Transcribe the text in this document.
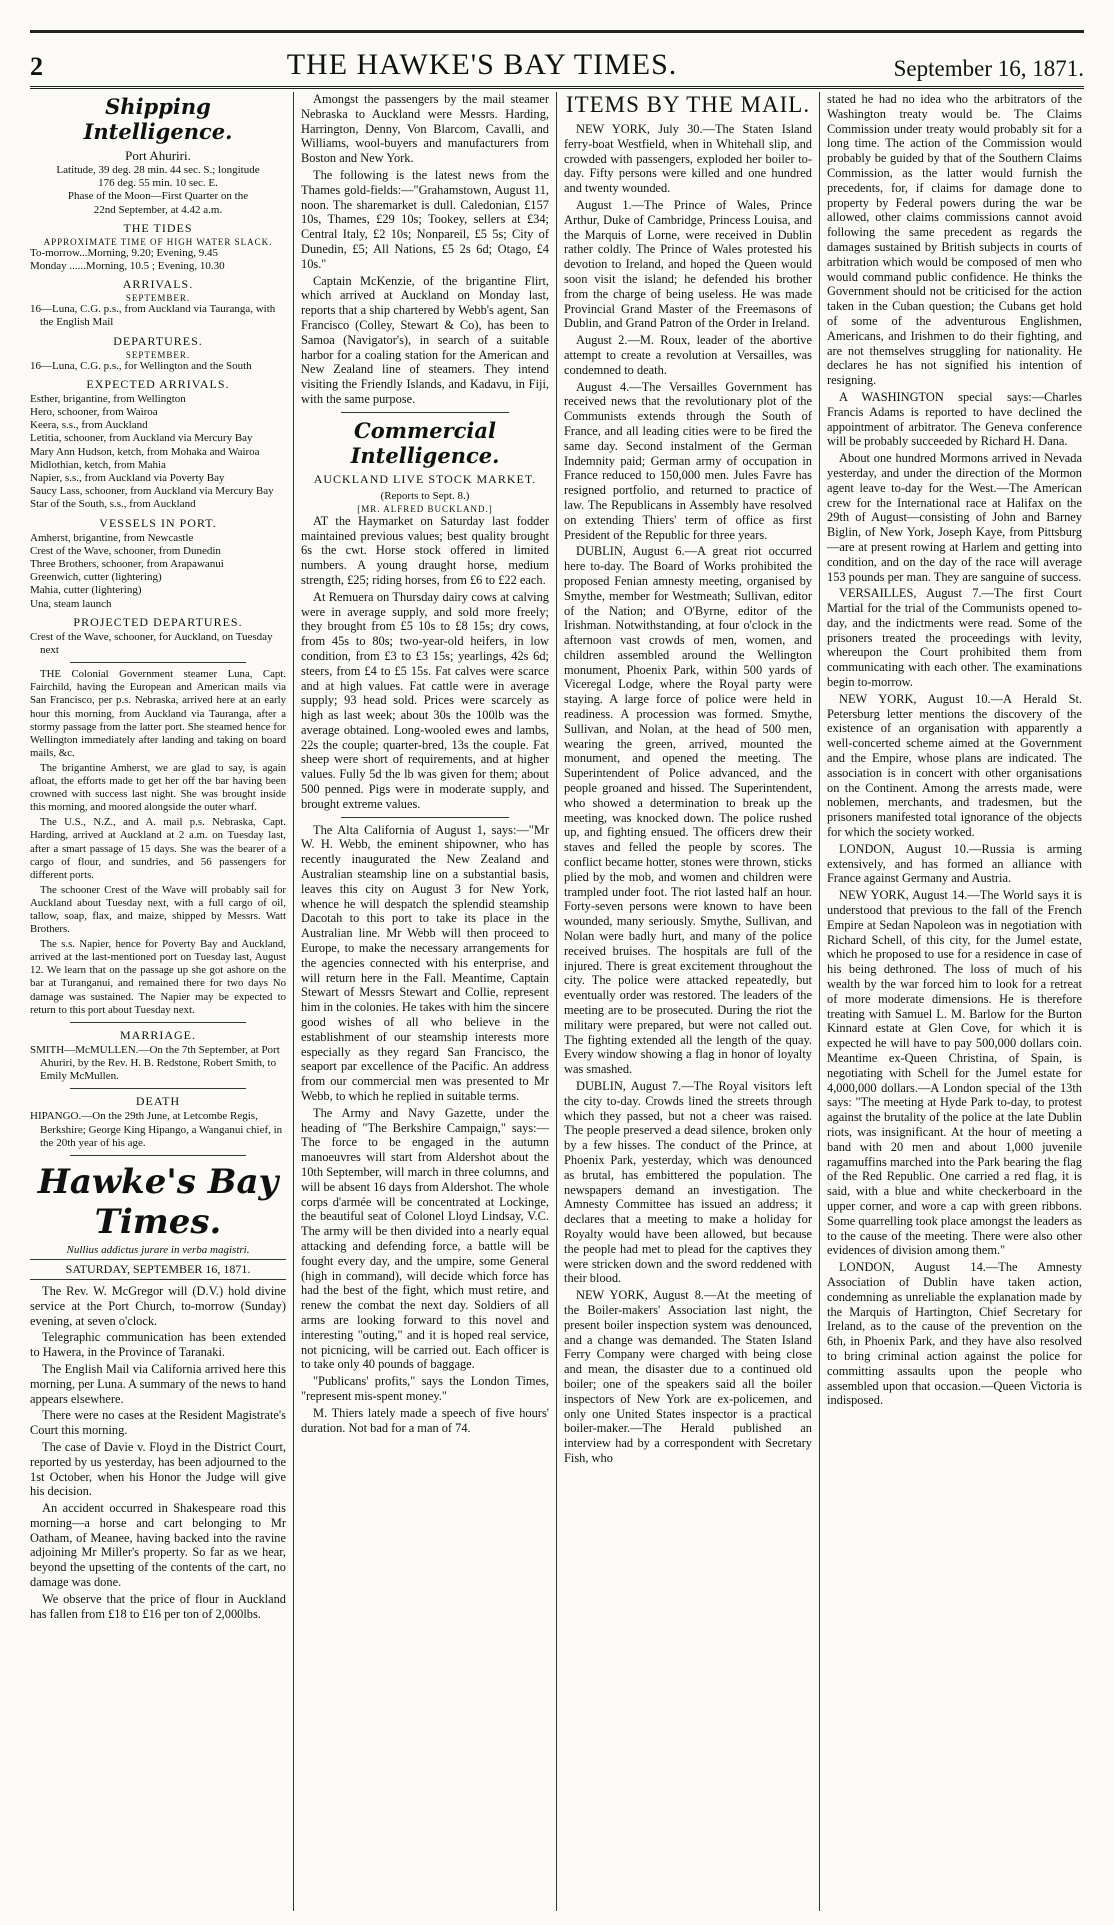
2	THE HAWKE'S BAY TIMES.	September 16, 1871.
Shipping Intelligence.

Port Ahuriri.

Latitude, 39 deg. 28 min. 44 sec. S.; longitude

176 deg. 55 min. 10 sec. E.

Phase of the Moon—First Quarter on the

22nd September, at 4.42 a.m.

THE TIDES

APPROXIMATE TIME OF HIGH WATER SLACK.

To-morrow...Morning, 9.20; Evening, 9.45

Monday ......Morning, 10.5 ; Evening, 10.30

ARRIVALS.

SEPTEMBER.

16—Luna, C.G. p.s., from Auckland via Tauranga, with the English Mail

DEPARTURES.

SEPTEMBER.

16—Luna, C.G. p.s., for Wellington and the South

EXPECTED ARRIVALS.

Esther, brigantine, from Wellington

Hero, schooner, from Wairoa

Keera, s.s., from Auckland

Letitia, schooner, from Auckland via Mercury Bay

Mary Ann Hudson, ketch, from Mohaka and Wairoa

Midlothian, ketch, from Mahia

Napier, s.s., from Auckland via Poverty Bay

Saucy Lass, schooner, from Auckland via Mercury Bay

Star of the South, s.s., from Auckland

VESSELS IN PORT.

Amherst, brigantine, from Newcastle

Crest of the Wave, schooner, from Dunedin

Three Brothers, schooner, from Arapawanui

Greenwich, cutter (lightering)

Mahia, cutter (lightering)

Una, steam launch

PROJECTED DEPARTURES.

Crest of the Wave, schooner, for Auckland, on Tuesday next

THE Colonial Government steamer Luna, Capt. Fairchild, having the European and American mails via San Francisco, per p.s. Nebraska, arrived here at an early hour this morning, from Auckland via Tauranga, after a stormy passage from the latter port. She steamed hence for Wellington immediately after landing and taking on board mails, &c.

The brigantine Amherst, we are glad to say, is again afloat, the efforts made to get her off the bar having been crowned with success last night. She was brought inside this morning, and moored alongside the outer wharf.

The U.S., N.Z., and A. mail p.s. Nebraska, Capt. Harding, arrived at Auckland at 2 a.m. on Tuesday last, after a smart passage of 15 days. She was the bearer of a cargo of flour, and sundries, and 56 passengers for different ports.

The schooner Crest of the Wave will probably sail for Auckland about Tuesday next, with a full cargo of oil, tallow, soap, flax, and maize, shipped by Messrs. Watt Brothers.

The s.s. Napier, hence for Poverty Bay and Auckland, arrived at the last-mentioned port on Tuesday last, August 12. We learn that on the passage up she got ashore on the bar at Turanganui, and remained there for two days No damage was sustained. The Napier may be expected to return to this port about Tuesday next.

MARRIAGE.

SMITH—McMULLEN.—On the 7th September, at Port Ahuriri, by the Rev. H. B. Redstone, Robert Smith, to Emily McMullen.

DEATH

HIPANGO.—On the 29th June, at Letcombe Regis, Berkshire; George King Hipango, a Wanganui chief, in the 20th year of his age.

Hawke's Bay Times.

Nullius addictus jurare in verba magistri.

SATURDAY, SEPTEMBER 16, 1871.

The Rev. W. McGregor will (D.V.) hold divine service at the Port Church, to-morrow (Sunday) evening, at seven o'clock.

Telegraphic communication has been extended to Hawera, in the Province of Taranaki.

The English Mail via California arrived here this morning, per Luna. A summary of the news to hand appears elsewhere.

There were no cases at the Resident Magistrate's Court this morning.

The case of Davie v. Floyd in the District Court, reported by us yesterday, has been adjourned to the 1st October, when his Honor the Judge will give his decision.

An accident occurred in Shakespeare road this morning—a horse and cart belonging to Mr Oatham, of Meanee, having backed into the ravine adjoining Mr Miller's property. So far as we hear, beyond the upsetting of the contents of the cart, no damage was done.

We observe that the price of flour in Auckland has fallen from £18 to £16 per ton of 2,000lbs.

Amongst the passengers by the mail steamer Nebraska to Auckland were Messrs. Harding, Harrington, Denny, Von Blarcom, Cavalli, and Williams, wool-buyers and manufacturers from Boston and New York.

The following is the latest news from the Thames gold-fields:—"Grahamstown, August 11, noon. The sharemarket is dull. Caledonian, £157 10s, Thames, £29 10s; Tookey, sellers at £34; Central Italy, £2 10s; Nonpareil, £5 5s; City of Dunedin, £5; All Nations, £5 2s 6d; Otago, £4 10s."

Captain McKenzie, of the brigantine Flirt, which arrived at Auckland on Monday last, reports that a ship chartered by Webb's agent, San Francisco (Colley, Stewart & Co), has been to Samoa (Navigator's), in search of a suitable harbor for a coaling station for the American and New Zealand line of steamers. They intend visiting the Friendly Islands, and Kadavu, in Fiji, with the same purpose.

Commercial Intelligence.

AUCKLAND LIVE STOCK MARKET.

(Reports to Sept. 8.)

[MR. ALFRED BUCKLAND.]

AT the Haymarket on Saturday last fodder maintained previous values; best quality brought 6s the cwt. Horse stock offered in limited numbers. A young draught horse, medium strength, £25; riding horses, from £6 to £22 each.

At Remuera on Thursday dairy cows at calving were in average supply, and sold more freely; they brought from £5 10s to £8 15s; dry cows, from 45s to 80s; two-year-old heifers, in low condition, from £3 to £3 15s; yearlings, 42s 6d; steers, from £4 to £5 15s. Fat calves were scarce and at high values. Fat cattle were in average supply; 93 head sold. Prices were scarcely as high as last week; about 30s the 100lb was the average obtained. Long-wooled ewes and lambs, 22s the couple; quarter-bred, 13s the couple. Fat sheep were short of requirements, and at higher values. Fully 5d the lb was given for them; about 500 penned. Pigs were in moderate supply, and brought extreme values.

The Alta California of August 1, says:—"Mr W. H. Webb, the eminent shipowner, who has recently inaugurated the New Zealand and Australian steamship line on a substantial basis, leaves this city on August 3 for New York, whence he will despatch the splendid steamship Dacotah to this port to take its place in the Australian line. Mr Webb will then proceed to Europe, to make the necessary arrangements for the agencies connected with his enterprise, and will return here in the Fall. Meantime, Captain Stewart of Messrs Stewart and Collie, represent him in the colonies. He takes with him the sincere good wishes of all who believe in the establishment of our steamship interests more especially as they regard San Francisco, the seaport par excellence of the Pacific. An address from our commercial men was presented to Mr Webb, to which he replied in suitable terms.

The Army and Navy Gazette, under the heading of "The Berkshire Campaign," says:—The force to be engaged in the autumn manoeuvres will start from Aldershot about the 10th September, will march in three columns, and will be absent 16 days from Aldershot. The whole corps d'armée will be concentrated at Lockinge, the beautiful seat of Colonel Lloyd Lindsay, V.C. The army will be then divided into a nearly equal attacking and defending force, a battle will be fought every day, and the umpire, some General (high in command), will decide which force has had the best of the fight, which must retire, and renew the combat the next day. Soldiers of all arms are looking forward to this novel and interesting "outing," and it is hoped real service, not picnicing, will be carried out. Each officer is to take only 40 pounds of baggage.

"Publicans' profits," says the London Times, "represent mis-spent money."

M. Thiers lately made a speech of five hours' duration. Not bad for a man of 74.

ITEMS BY THE MAIL.

NEW YORK, July 30.—The Staten Island ferry-boat Westfield, when in Whitehall slip, and crowded with passengers, exploded her boiler to-day. Fifty persons were killed and one hundred and twenty wounded.

August 1.—The Prince of Wales, Prince Arthur, Duke of Cambridge, Princess Louisa, and the Marquis of Lorne, were received in Dublin rather coldly. The Prince of Wales protested his devotion to Ireland, and hoped the Queen would soon visit the island; he defended his brother from the charge of being useless. He was made Provincial Grand Master of the Freemasons of Dublin, and Grand Patron of the Order in Ireland.

August 2.—M. Roux, leader of the abortive attempt to create a revolution at Versailles, was condemned to death.

August 4.—The Versailles Government has received news that the revolutionary plot of the Communists extends through the South of France, and all leading cities were to be fired the same day. Second instalment of the German Indemnity paid; German army of occupation in France reduced to 150,000 men. Jules Favre has resigned portfolio, and returned to practice of law. The Republicans in Assembly have resolved on extending Thiers' term of office as first President of the Republic for three years.

DUBLIN, August 6.—A great riot occurred here to-day. The Board of Works prohibited the proposed Fenian amnesty meeting, organised by Smythe, member for Westmeath; Sullivan, editor of the Nation; and O'Byrne, editor of the Irishman. Notwithstanding, at four o'clock in the afternoon vast crowds of men, women, and children assembled around the Wellington monument, Phoenix Park, within 500 yards of Viceregal Lodge, where the Royal party were staying. A large force of police were held in readiness. A procession was formed. Smythe, Sullivan, and Nolan, at the head of 500 men, wearing the green, arrived, mounted the monument, and opened the meeting. The Superintendent of Police advanced, and the people groaned and hissed. The Superintendent, who showed a determination to break up the meeting, was knocked down. The police rushed up, and fighting ensued. The officers drew their staves and felled the people by scores. The conflict became hotter, stones were thrown, sticks plied by the mob, and women and children were trampled under foot. The riot lasted half an hour. Forty-seven persons were known to have been wounded, many seriously. Smythe, Sullivan, and Nolan were badly hurt, and many of the police received bruises. The hospitals are full of the injured. There is great excitement throughout the city. The police were attacked repeatedly, but eventually order was restored. The leaders of the meeting are to be prosecuted. During the riot the military were prepared, but were not called out. The fighting extended all the length of the quay. Every window showing a flag in honor of loyalty was smashed.

DUBLIN, August 7.—The Royal visitors left the city to-day. Crowds lined the streets through which they passed, but not a cheer was raised. The people preserved a dead silence, broken only by a few hisses. The conduct of the Prince, at Phoenix Park, yesterday, which was denounced as brutal, has embittered the population. The newspapers demand an investigation. The Amnesty Committee has issued an address; it declares that a meeting to make a holiday for Royalty would have been allowed, but because the people had met to plead for the captives they were stricken down and the sword reddened with their blood.

NEW YORK, August 8.—At the meeting of the Boiler-makers' Association last night, the present boiler inspection system was denounced, and a change was demanded. The Staten Island Ferry Company were charged with being close and mean, the disaster due to a continued old boiler; one of the speakers said all the boiler inspectors of New York are ex-policemen, and only one United States inspector is a practical boiler-maker.—The Herald published an interview had by a correspondent with Secretary Fish, who

stated he had no idea who the arbitrators of the Washington treaty would be. The Claims Commission under treaty would probably sit for a long time. The action of the Commission would probably be guided by that of the Southern Claims Commission, as the latter would furnish the precedents, for, if claims for damage done to property by Federal powers during the war be allowed, other claims commissions cannot avoid following the same precedent as regards the damages sustained by British subjects in courts of arbitration which would be composed of men who would command public confidence. He thinks the Government should not be criticised for the action taken in the Cuban question; the Cubans get hold of some of the adventurous Englishmen, Americans, and Irishmen to do their fighting, and are not themselves struggling for nationality. He declares he has not signified his intention of resigning.

A WASHINGTON special says:—Charles Francis Adams is reported to have declined the appointment of arbitrator. The Geneva conference will be probably succeeded by Richard H. Dana.

About one hundred Mormons arrived in Nevada yesterday, and under the direction of the Mormon agent leave to-day for the West.—The American crew for the International race at Halifax on the 29th of August—consisting of John and Barney Biglin, of New York, Joseph Kaye, from Pittsburg—are at present rowing at Harlem and getting into condition, and on the day of the race will average 153 pounds per man. They are sanguine of success.

VERSAILLES, August 7.—The first Court Martial for the trial of the Communists opened to-day, and the indictments were read. Some of the prisoners treated the proceedings with levity, whereupon the Court prohibited them from communicating with each other. The examinations begin to-morrow.

NEW YORK, August 10.—A Herald St. Petersburg letter mentions the discovery of the existence of an organisation with apparently a well-concerted scheme aimed at the Government and the Empire, whose plans are indicated. The association is in concert with other organisations on the Continent. Among the arrests made, were noblemen, merchants, and tradesmen, but the prisoners manifested total ignorance of the objects for which the society worked.

LONDON, August 10.—Russia is arming extensively, and has formed an alliance with France against Germany and Austria.

NEW YORK, August 14.—The World says it is understood that previous to the fall of the French Empire at Sedan Napoleon was in negotiation with Richard Schell, of this city, for the Jumel estate, which he proposed to use for a residence in case of his being dethroned. The loss of much of his wealth by the war forced him to look for a retreat of more moderate dimensions. He is therefore treating with Samuel L. M. Barlow for the Burton Kinnard estate at Glen Cove, for which it is expected he will have to pay 500,000 dollars coin. Meantime ex-Queen Christina, of Spain, is negotiating with Schell for the Jumel estate for 4,000,000 dollars.—A London special of the 13th says: "The meeting at Hyde Park to-day, to protest against the brutality of the police at the late Dublin riots, was insignificant. At the hour of meeting a band with 20 men and about 1,000 juvenile ragamuffins marched into the Park bearing the flag of the Red Republic. One carried a red flag, it is said, with a blue and white checkerboard in the upper corner, and wore a cap with green ribbons. Some quarrelling took place amongst the leaders as to the cause of the meeting. There were also other evidences of division among them."

LONDON, August 14.—The Amnesty Association of Dublin have taken action, condemning as unreliable the explanation made by the Marquis of Hartington, Chief Secretary for Ireland, as to the cause of the prevention on the 6th, in Phoenix Park, and they have also resolved to bring criminal action against the police for committing assaults upon the people who assembled upon that occasion.—Queen Victoria is indisposed.
